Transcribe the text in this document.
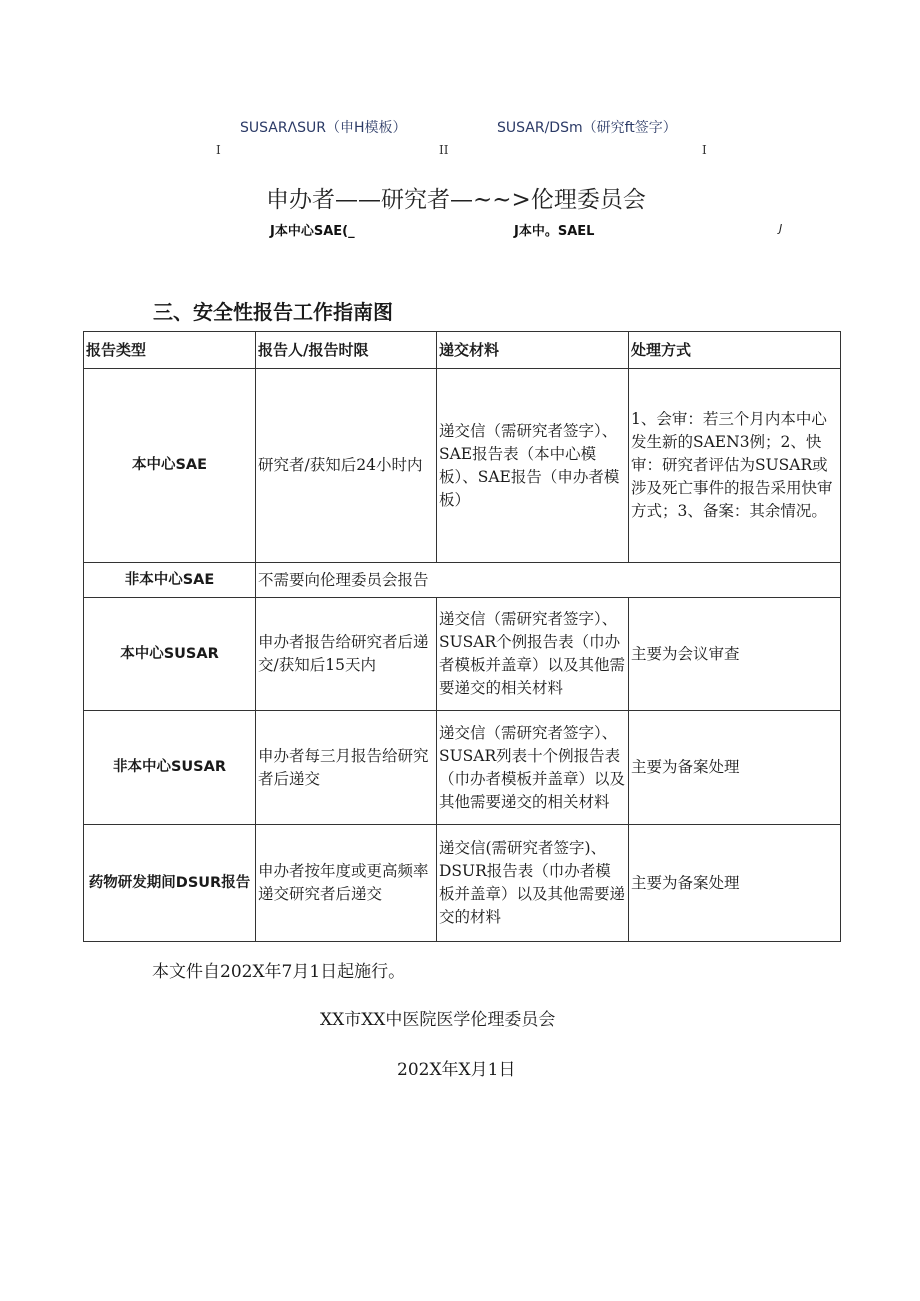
SUSARΛSUR（申H模板）	SUSAR/DSm（研究ft签字）
I	II	I
申办者——研究者—~~>伦理委员会
J本中心SAE(_	J本中。SAEL	J
三、安全性报告工作指南图
报告类型	报告人/报告时限	递交材料	处理方式
本中心SAE	研究者/获知后24小时内	递交信（需研究者签字）、SAE报告表（本中心模板）、SAE报告（申办者模板）	1、会审：若三个月内本中心发生新的SAEN3例；2、快审：研究者评估为SUSAR或涉及死亡事件的报告采用快审方式；3、备案：其余情况。
非本中心SAE	不需要向伦理委员会报告		
本中心SUSAR	申办者报告给研究者后递交/获知后15天内	递交信（需研究者签字）、SUSAR个例报告表（巾办者模板并盖章）以及其他需要递交的相关材料	主要为会议审查
非本中心SUSAR	申办者每三月报告给研究者后递交	递交信（需研究者签字）、SUSAR列表十个例报告表（巾办者模板并盖章）以及其他需要递交的相关材料	主要为备案处理
药物研发期间DSUR报告	申办者按年度或更高频率递交研究者后递交	递交信(需研究者签字)、DSUR报告表（巾办者模板并盖章）以及其他需要递交的材料	主要为备案处理
本文件自202X年7月1日起施行。
XX市XX中医院医学伦理委员会
202X年X月1日
